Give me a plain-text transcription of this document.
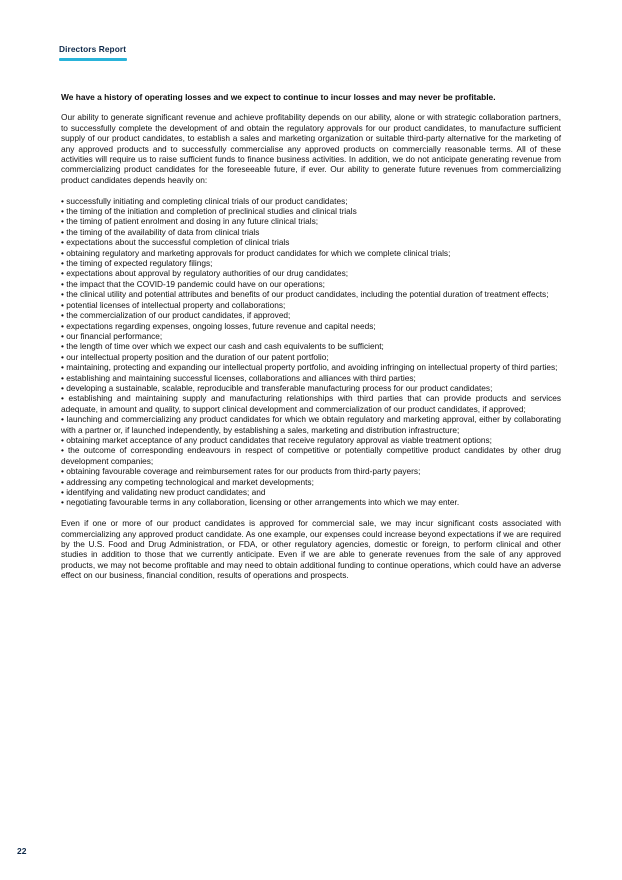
Directors Report

We have a history of operating losses and we expect to continue to incur losses and may never be profitable.

Our ability to generate significant revenue and achieve profitability depends on our ability, alone or with strategic collaboration partners, to successfully complete the development of and obtain the regulatory approvals for our product candidates, to manufacture sufficient supply of our product candidates, to establish a sales and marketing organization or suitable third-party alternative for the marketing of any approved products and to successfully commercialise any approved products on commercially reasonable terms. All of these activities will require us to raise sufficient funds to finance business activities. In addition, we do not anticipate generating revenue from commercializing product candidates for the foreseeable future, if ever. Our ability to generate future revenues from commercializing product candidates depends heavily on:

• successfully initiating and completing clinical trials of our product candidates;
• the timing of the initiation and completion of preclinical studies and clinical trials
• the timing of patient enrolment and dosing in any future clinical trials;
• the timing of the availability of data from clinical trials
• expectations about the successful completion of clinical trials
• obtaining regulatory and marketing approvals for product candidates for which we complete clinical trials;
• the timing of expected regulatory filings;
• expectations about approval by regulatory authorities of our drug candidates;
• the impact that the COVID-19 pandemic could have on our operations;
• the clinical utility and potential attributes and benefits of our product candidates, including the potential duration of treatment effects;
• potential licenses of intellectual property and collaborations;
• the commercialization of our product candidates, if approved;
• expectations regarding expenses, ongoing losses, future revenue and capital needs;
• our financial performance;
• the length of time over which we expect our cash and cash equivalents to be sufficient;
• our intellectual property position and the duration of our patent portfolio;
• maintaining, protecting and expanding our intellectual property portfolio, and avoiding infringing on intellectual property of third parties;
• establishing and maintaining successful licenses, collaborations and alliances with third parties;
• developing a sustainable, scalable, reproducible and transferable manufacturing process for our product candidates;
• establishing and maintaining supply and manufacturing relationships with third parties that can provide products and services adequate, in amount and quality, to support clinical development and commercialization of our product candidates, if approved;
• launching and commercializing any product candidates for which we obtain regulatory and marketing approval, either by collaborating with a partner or, if launched independently, by establishing a sales, marketing and distribution infrastructure;
• obtaining market acceptance of any product candidates that receive regulatory approval as viable treatment options;
• the outcome of corresponding endeavours in respect of competitive or potentially competitive product candidates by other drug development companies;
• obtaining favourable coverage and reimbursement rates for our products from third-party payers;
• addressing any competing technological and market developments;
• identifying and validating new product candidates; and
• negotiating favourable terms in any collaboration, licensing or other arrangements into which we may enter.

Even if one or more of our product candidates is approved for commercial sale, we may incur significant costs associated with commercializing any approved product candidate. As one example, our expenses could increase beyond expectations if we are required by the U.S. Food and Drug Administration, or FDA, or other regulatory agencies, domestic or foreign, to perform clinical and other studies in addition to those that we currently anticipate. Even if we are able to generate revenues from the sale of any approved products, we may not become profitable and may need to obtain additional funding to continue operations, which could have an adverse effect on our business, financial condition, results of operations and prospects.

22
